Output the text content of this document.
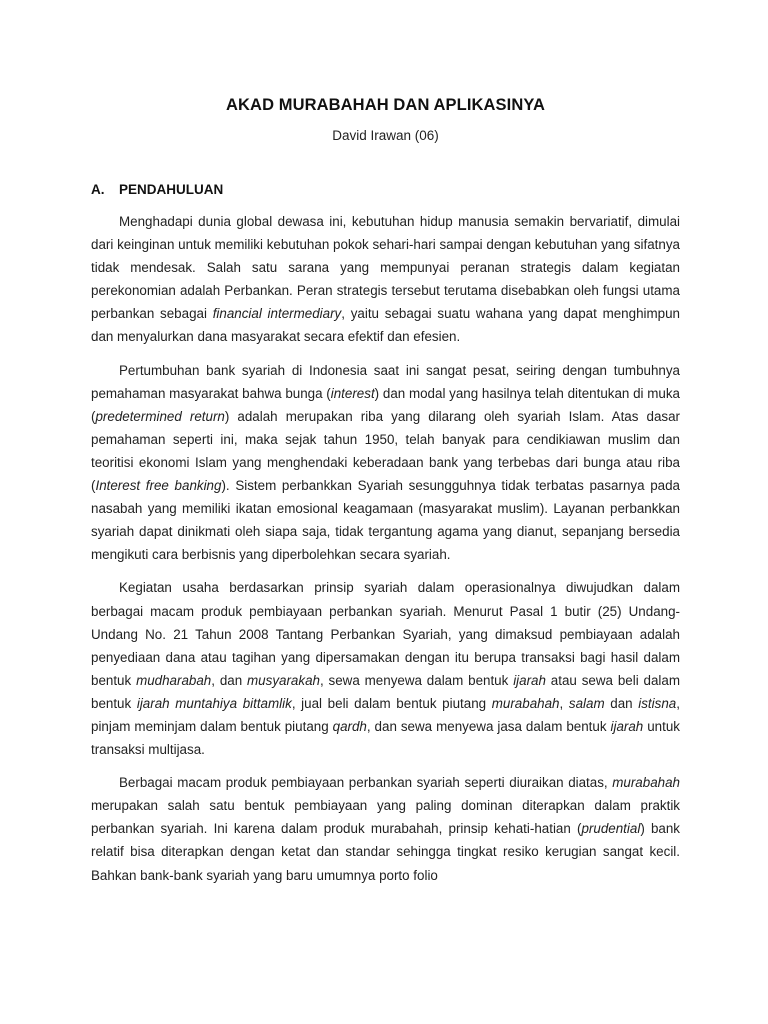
AKAD MURABAHAH DAN APLIKASINYA

David Irawan (06)

A. PENDAHULUAN

Menghadapi dunia global dewasa ini, kebutuhan hidup manusia semakin bervariatif, dimulai dari keinginan untuk memiliki kebutuhan pokok sehari-hari sampai dengan kebutuhan yang sifatnya tidak mendesak. Salah satu sarana yang mempunyai peranan strategis dalam kegiatan perekonomian adalah Perbankan. Peran strategis tersebut terutama disebabkan oleh fungsi utama perbankan sebagai financial intermediary, yaitu sebagai suatu wahana yang dapat menghimpun dan menyalurkan dana masyarakat secara efektif dan efesien.

Pertumbuhan bank syariah di Indonesia saat ini sangat pesat, seiring dengan tumbuhnya pemahaman masyarakat bahwa bunga (interest) dan modal yang hasilnya telah ditentukan di muka (predetermined return) adalah merupakan riba yang dilarang oleh syariah Islam. Atas dasar pemahaman seperti ini, maka sejak tahun 1950, telah banyak para cendikiawan muslim dan teoritisi ekonomi Islam yang menghendaki keberadaan bank yang terbebas dari bunga atau riba (Interest free banking). Sistem perbankkan Syariah sesungguhnya tidak terbatas pasarnya pada nasabah yang memiliki ikatan emosional keagamaan (masyarakat muslim). Layanan perbankkan syariah dapat dinikmati oleh siapa saja, tidak tergantung agama yang dianut, sepanjang bersedia mengikuti cara berbisnis yang diperbolehkan secara syariah.

Kegiatan usaha berdasarkan prinsip syariah dalam operasionalnya diwujudkan dalam berbagai macam produk pembiayaan perbankan syariah. Menurut Pasal 1 butir (25) Undang-Undang No. 21 Tahun 2008 Tantang Perbankan Syariah, yang dimaksud pembiayaan adalah penyediaan dana atau tagihan yang dipersamakan dengan itu berupa transaksi bagi hasil dalam bentuk mudharabah, dan musyarakah, sewa menyewa dalam bentuk ijarah atau sewa beli dalam bentuk ijarah muntahiya bittamlik, jual beli dalam bentuk piutang murabahah, salam dan istisna, pinjam meminjam dalam bentuk piutang qardh, dan sewa menyewa jasa dalam bentuk ijarah untuk transaksi multijasa.

Berbagai macam produk pembiayaan perbankan syariah seperti diuraikan diatas, murabahah merupakan salah satu bentuk pembiayaan yang paling dominan diterapkan dalam praktik perbankan syariah. Ini karena dalam produk murabahah, prinsip kehati-hatian (prudential) bank relatif bisa diterapkan dengan ketat dan standar sehingga tingkat resiko kerugian sangat kecil. Bahkan bank-bank syariah yang baru umumnya porto folio
